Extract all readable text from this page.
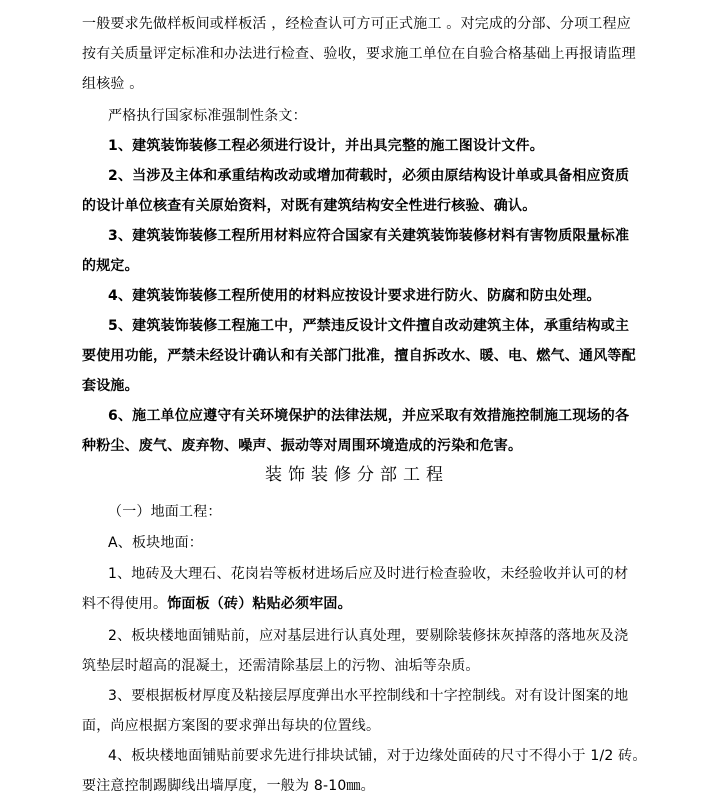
一般要求先做样板间或样板活 ，经检查认可方可正式施工 。对完成的分部、分项工程应
按有关质量评定标准和办法进行检查、验收，要求施工单位在自验合格基础上再报请监理
组核验 。
严格执行国家标准强制性条文：
1、建筑装饰装修工程必须进行设计，并出具完整的施工图设计文件。
2、当涉及主体和承重结构改动或增加荷载时，必须由原结构设计单或具备相应资质
的设计单位核查有关原始资料，对既有建筑结构安全性进行核验、确认。
3、建筑装饰装修工程所用材料应符合国家有关建筑装饰装修材料有害物质限量标准
的规定。
4、建筑装饰装修工程所使用的材料应按设计要求进行防火、防腐和防虫处理。
5、建筑装饰装修工程施工中，严禁违反设计文件擅自改动建筑主体，承重结构或主
要使用功能，严禁未经设计确认和有关部门批准，擅自拆改水、暖、电、燃气、通风等配
套设施。
6、施工单位应遵守有关环境保护的法律法规，并应采取有效措施控制施工现场的各
种粉尘、废气、废弃物、噪声、振动等对周围环境造成的污染和危害。
装饰装修分部工程
（一）地面工程：
A、板块地面：
1、地砖及大理石、花岗岩等板材进场后应及时进行检查验收，未经验收并认可的材
料不得使用。饰面板（砖）粘贴必须牢固。
2、板块楼地面铺贴前，应对基层进行认真处理，要剔除装修抹灰掉落的落地灰及浇
筑垫层时超高的混凝土，还需清除基层上的污物、油垢等杂质。
3、要根据板材厚度及粘接层厚度弹出水平控制线和十字控制线。对有设计图案的地
面，尚应根据方案图的要求弹出每块的位置线。
4、板块楼地面铺贴前要求先进行排块试铺，对于边缘处面砖的尺寸不得小于 1/2 砖。
要注意控制踢脚线出墙厚度，一般为 8-10㎜。
